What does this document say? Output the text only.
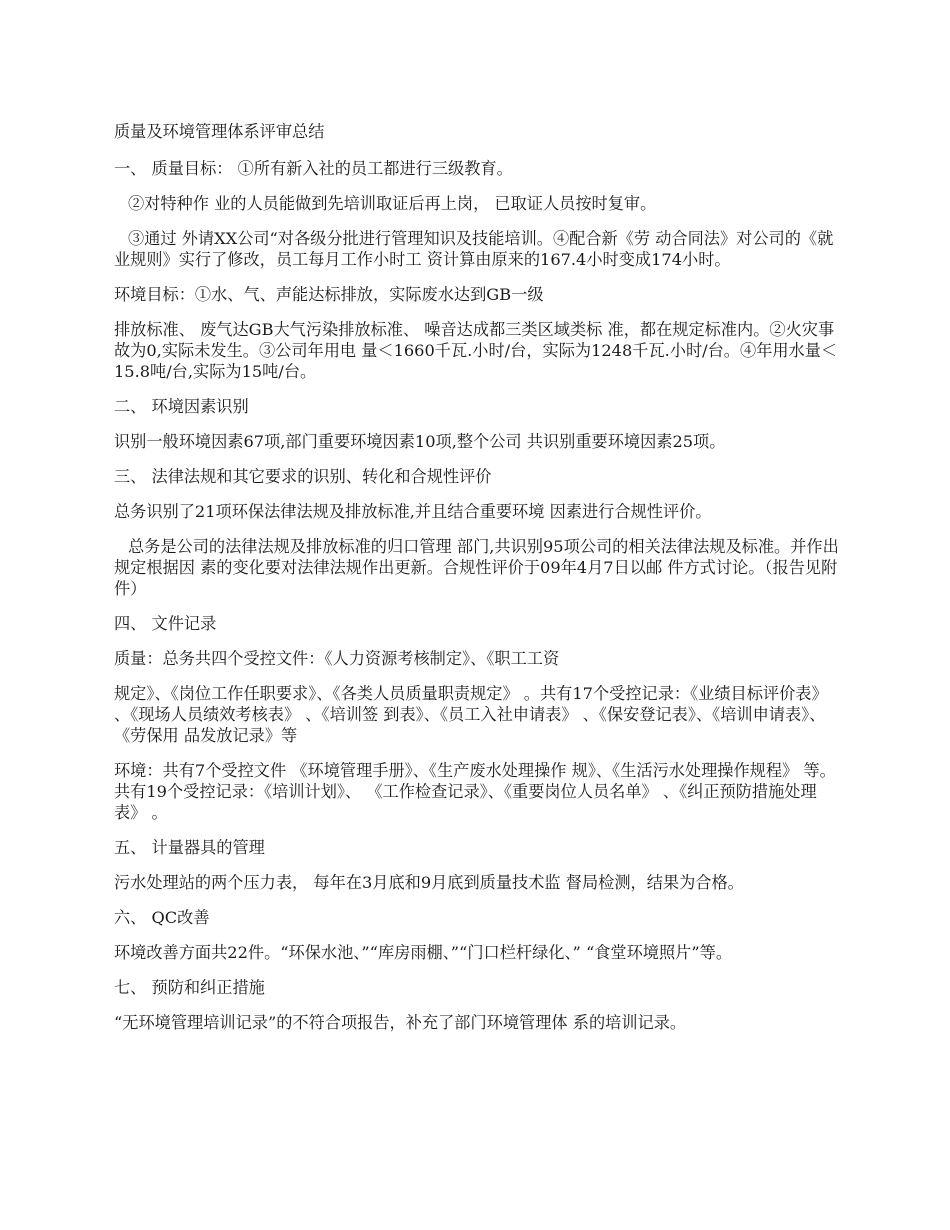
质量及环境管理体系评审总结

一、 质量目标： ①所有新入社的员工都进行三级教育。

②对特种作 业的人员能做到先培训取证后再上岗， 已取证人员按时复审。

③通过 外请XX公司“对各级分批进行管理知识及技能培训。④配合新《劳 动合同法》对公司的《就业规则》实行了修改，员工每月工作小时工 资计算由原来的167.4小时变成174小时。

环境目标：①水、气、声能达标排放，实际废水达到GB一级

排放标准、 废气达GB大气污染排放标准、 噪音达成都三类区域类标 准，都在规定标准内。②火灾事故为0,实际未发生。③公司年用电 量＜1660千瓦.小时/台，实际为1248千瓦.小时/台。④年用水量＜15.8吨/台,实际为15吨/台。

二、 环境因素识别

识别一般环境因素67项,部门重要环境因素10项,整个公司 共识别重要环境因素25项。

三、 法律法规和其它要求的识别、转化和合规性评价

总务识别了21项环保法律法规及排放标准,并且结合重要环境 因素进行合规性评价。

总务是公司的法律法规及排放标准的归口管理 部门,共识别95项公司的相关法律法规及标准。并作出规定根据因 素的变化要对法律法规作出更新。合规性评价于09年4月7日以邮 件方式讨论。（报告见附件）

四、 文件记录

质量：总务共四个受控文件：《人力资源考核制定》、《职工工资

规定》、《岗位工作任职要求》、《各类人员质量职责规定》 。共有17个受控记录：《业绩目标评价表》 、《现场人员绩效考核表》 、《培训签 到表》、《员工入社申请表》 、《保安登记表》、《培训申请表》、《劳保用 品发放记录》等

环境：共有7个受控文件 《环境管理手册》、《生产废水处理操作 规》、《生活污水处理操作规程》 等。共有19个受控记录：《培训计划》、 《工作检查记录》、《重要岗位人员名单》 、《纠正预防措施处理表》 。

五、 计量器具的管理

污水处理站的两个压力表， 每年在3月底和9月底到质量技术监 督局检测，结果为合格。

六、 QC改善

环境改善方面共22件。“环保水池、”“库房雨棚、”“门口栏杆绿化、” “食堂环境照片”等。

七、 预防和纠正措施

“无环境管理培训记录”的不符合项报告，补充了部门环境管理体 系的培训记录。
